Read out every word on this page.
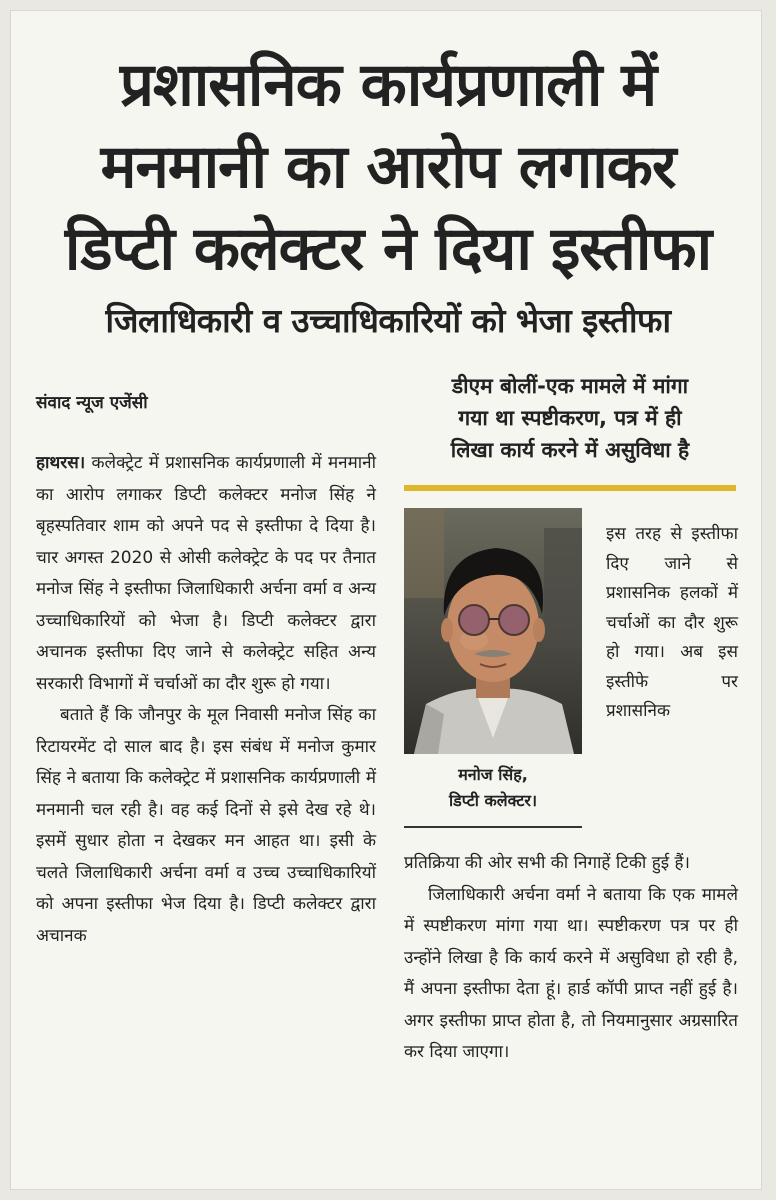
प्रशासनिक कार्यप्रणाली में
मनमानी का आरोप लगाकर
डिप्टी कलेक्टर ने दिया इस्तीफा
जिलाधिकारी व उच्चाधिकारियों को भेजा इस्तीफा
संवाद न्यूज एजेंसी

हाथरस। कलेक्ट्रेट में प्रशासनिक कार्यप्रणाली में मनमानी का आरोप लगाकर डिप्टी कलेक्टर मनोज सिंह ने बृहस्पतिवार शाम को अपने पद से इस्तीफा दे दिया है। चार अगस्त 2020 से ओसी कलेक्ट्रेट के पद पर तैनात मनोज सिंह ने इस्तीफा जिलाधिकारी अर्चना वर्मा व अन्य उच्चाधिकारियों को भेजा है। डिप्टी कलेक्टर द्वारा अचानक इस्तीफा दिए जाने से कलेक्ट्रेट सहित अन्य सरकारी विभागों में चर्चाओं का दौर शुरू हो गया।

बताते हैं कि जौनपुर के मूल निवासी मनोज सिंह का रिटायरमेंट दो साल बाद है। इस संबंध में मनोज कुमार सिंह ने बताया कि कलेक्ट्रेट में प्रशासनिक कार्यप्रणाली में मनमानी चल रही है। वह कई दिनों से इसे देख रहे थे। इसमें सुधार होता न देखकर मन आहत था। इसी के चलते जिलाधिकारी अर्चना वर्मा व उच्च उच्चाधिकारियों को अपना इस्तीफा भेज दिया है। डिप्टी कलेक्टर द्वारा अचानक

डीएम बोलीं-एक मामले में मांगा
गया था स्पष्टीकरण, पत्र में ही
लिखा कार्य करने में असुविधा है
मनोज सिंह,
डिप्टी कलेक्टर।

इस तरह से इस्तीफा दिए जाने से प्रशासनिक हलकों में चर्चाओं का दौर शुरू हो गया। अब इस इस्तीफे पर प्रशासनिक

प्रतिक्रिया की ओर सभी की निगाहें टिकी हुई हैं।

जिलाधिकारी अर्चना वर्मा ने बताया कि एक मामले में स्पष्टीकरण मांगा गया था। स्पष्टीकरण पत्र पर ही उन्होंने लिखा है कि कार्य करने में असुविधा हो रही है, मैं अपना इस्तीफा देता हूं। हार्ड कॉपी प्राप्त नहीं हुई है। अगर इस्तीफा प्राप्त होता है, तो नियमानुसार अग्रसारित कर दिया जाएगा।
